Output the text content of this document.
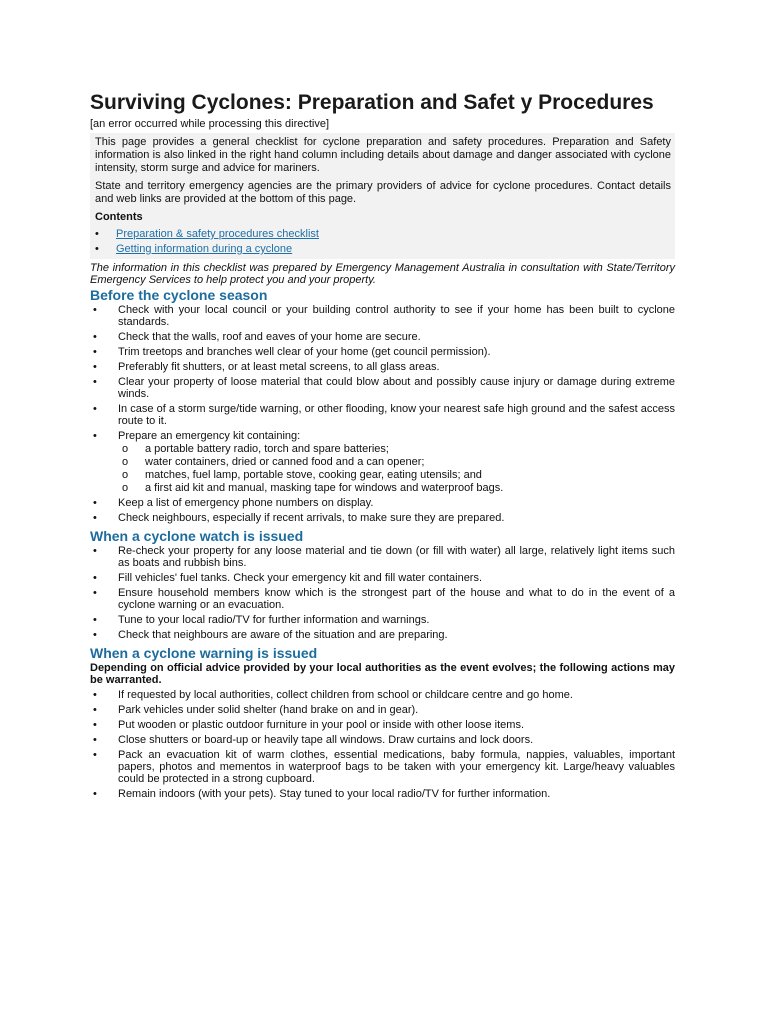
Surviving Cyclones: Preparation and Safet y Procedures
[an error occurred while processing this directive]

This page provides a general checklist for cyclone preparation and safety procedures. Preparation and Safety information is also linked in the right hand column including details about damage and danger associated with cyclone intensity, storm surge and advice for mariners.

State and territory emergency agencies are the primary providers of advice for cyclone procedures. Contact details and web links are provided at the bottom of this page.

Contents
• Preparation & safety procedures checklist
• Getting information during a cyclone
The information in this checklist was prepared by Emergency Management Australia in consultation with State/Territory Emergency Services to help protect you and your property.
Before the cyclone season
• Check with your local council or your building control authority to see if your home has been built to cyclone standards.
• Check that the walls, roof and eaves of your home are secure.
• Trim treetops and branches well clear of your home (get council permission).
• Preferably fit shutters, or at least metal screens, to all glass areas.
• Clear your property of loose material that could blow about and possibly cause injury or damage during extreme winds.
• In case of a storm surge/tide warning, or other flooding, know your nearest safe high ground and the safest access route to it.
• Prepare an emergency kit containing:
o a portable battery radio, torch and spare batteries;
o water containers, dried or canned food and a can opener;
o matches, fuel lamp, portable stove, cooking gear, eating utensils; and
o a first aid kit and manual, masking tape for windows and waterproof bags.
• Keep a list of emergency phone numbers on display.
• Check neighbours, especially if recent arrivals, to make sure they are prepared.
When a cyclone watch is issued
• Re-check your property for any loose material and tie down (or fill with water) all large, relatively light items such as boats and rubbish bins.
• Fill vehicles' fuel tanks. Check your emergency kit and fill water containers.
• Ensure household members know which is the strongest part of the house and what to do in the event of a cyclone warning or an evacuation.
• Tune to your local radio/TV for further information and warnings.
• Check that neighbours are aware of the situation and are preparing.
When a cyclone warning is issued
Depending on official advice provided by your local authorities as the event evolves; the following actions may be warranted.
• If requested by local authorities, collect children from school or childcare centre and go home.
• Park vehicles under solid shelter (hand brake on and in gear).
• Put wooden or plastic outdoor furniture in your pool or inside with other loose items.
• Close shutters or board-up or heavily tape all windows. Draw curtains and lock doors.
• Pack an evacuation kit of warm clothes, essential medications, baby formula, nappies, valuables, important papers, photos and mementos in waterproof bags to be taken with your emergency kit. Large/heavy valuables could be protected in a strong cupboard.
• Remain indoors (with your pets). Stay tuned to your local radio/TV for further information.
